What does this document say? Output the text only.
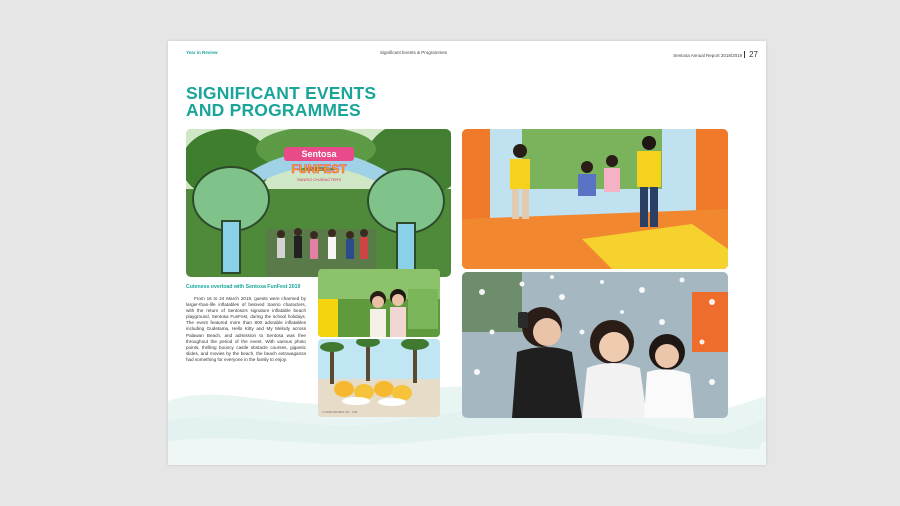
Year in Review	Significant Events & Programmes
Sentosa Annual Report 2018/2019 27
SIGNIFICANT EVENTS
AND PROGRAMMES
Sentosa
FUNFEST
SANRIO CHARACTERS
© 2019 SANRIO CO., LTD.
Cuteness overload with Sentosa FunFest 2019

From 16 to 24 March 2019, guests were charmed by larger-than-life inflatables of beloved Sanrio characters, with the return of Sentosa's signature inflatable beach playground, Sentosa FunFest, during the school holidays. The event featured more than 800 adorable inflatables including Gudetama, Hello Kitty and My Melody across Palawan Beach, and admission to Sentosa was free throughout the period of the event. With various photo points, thrilling bouncy castle obstacle courses, gigantic slides, and movies by the beach, the beach extravaganza had something for everyone in the family to enjoy.
